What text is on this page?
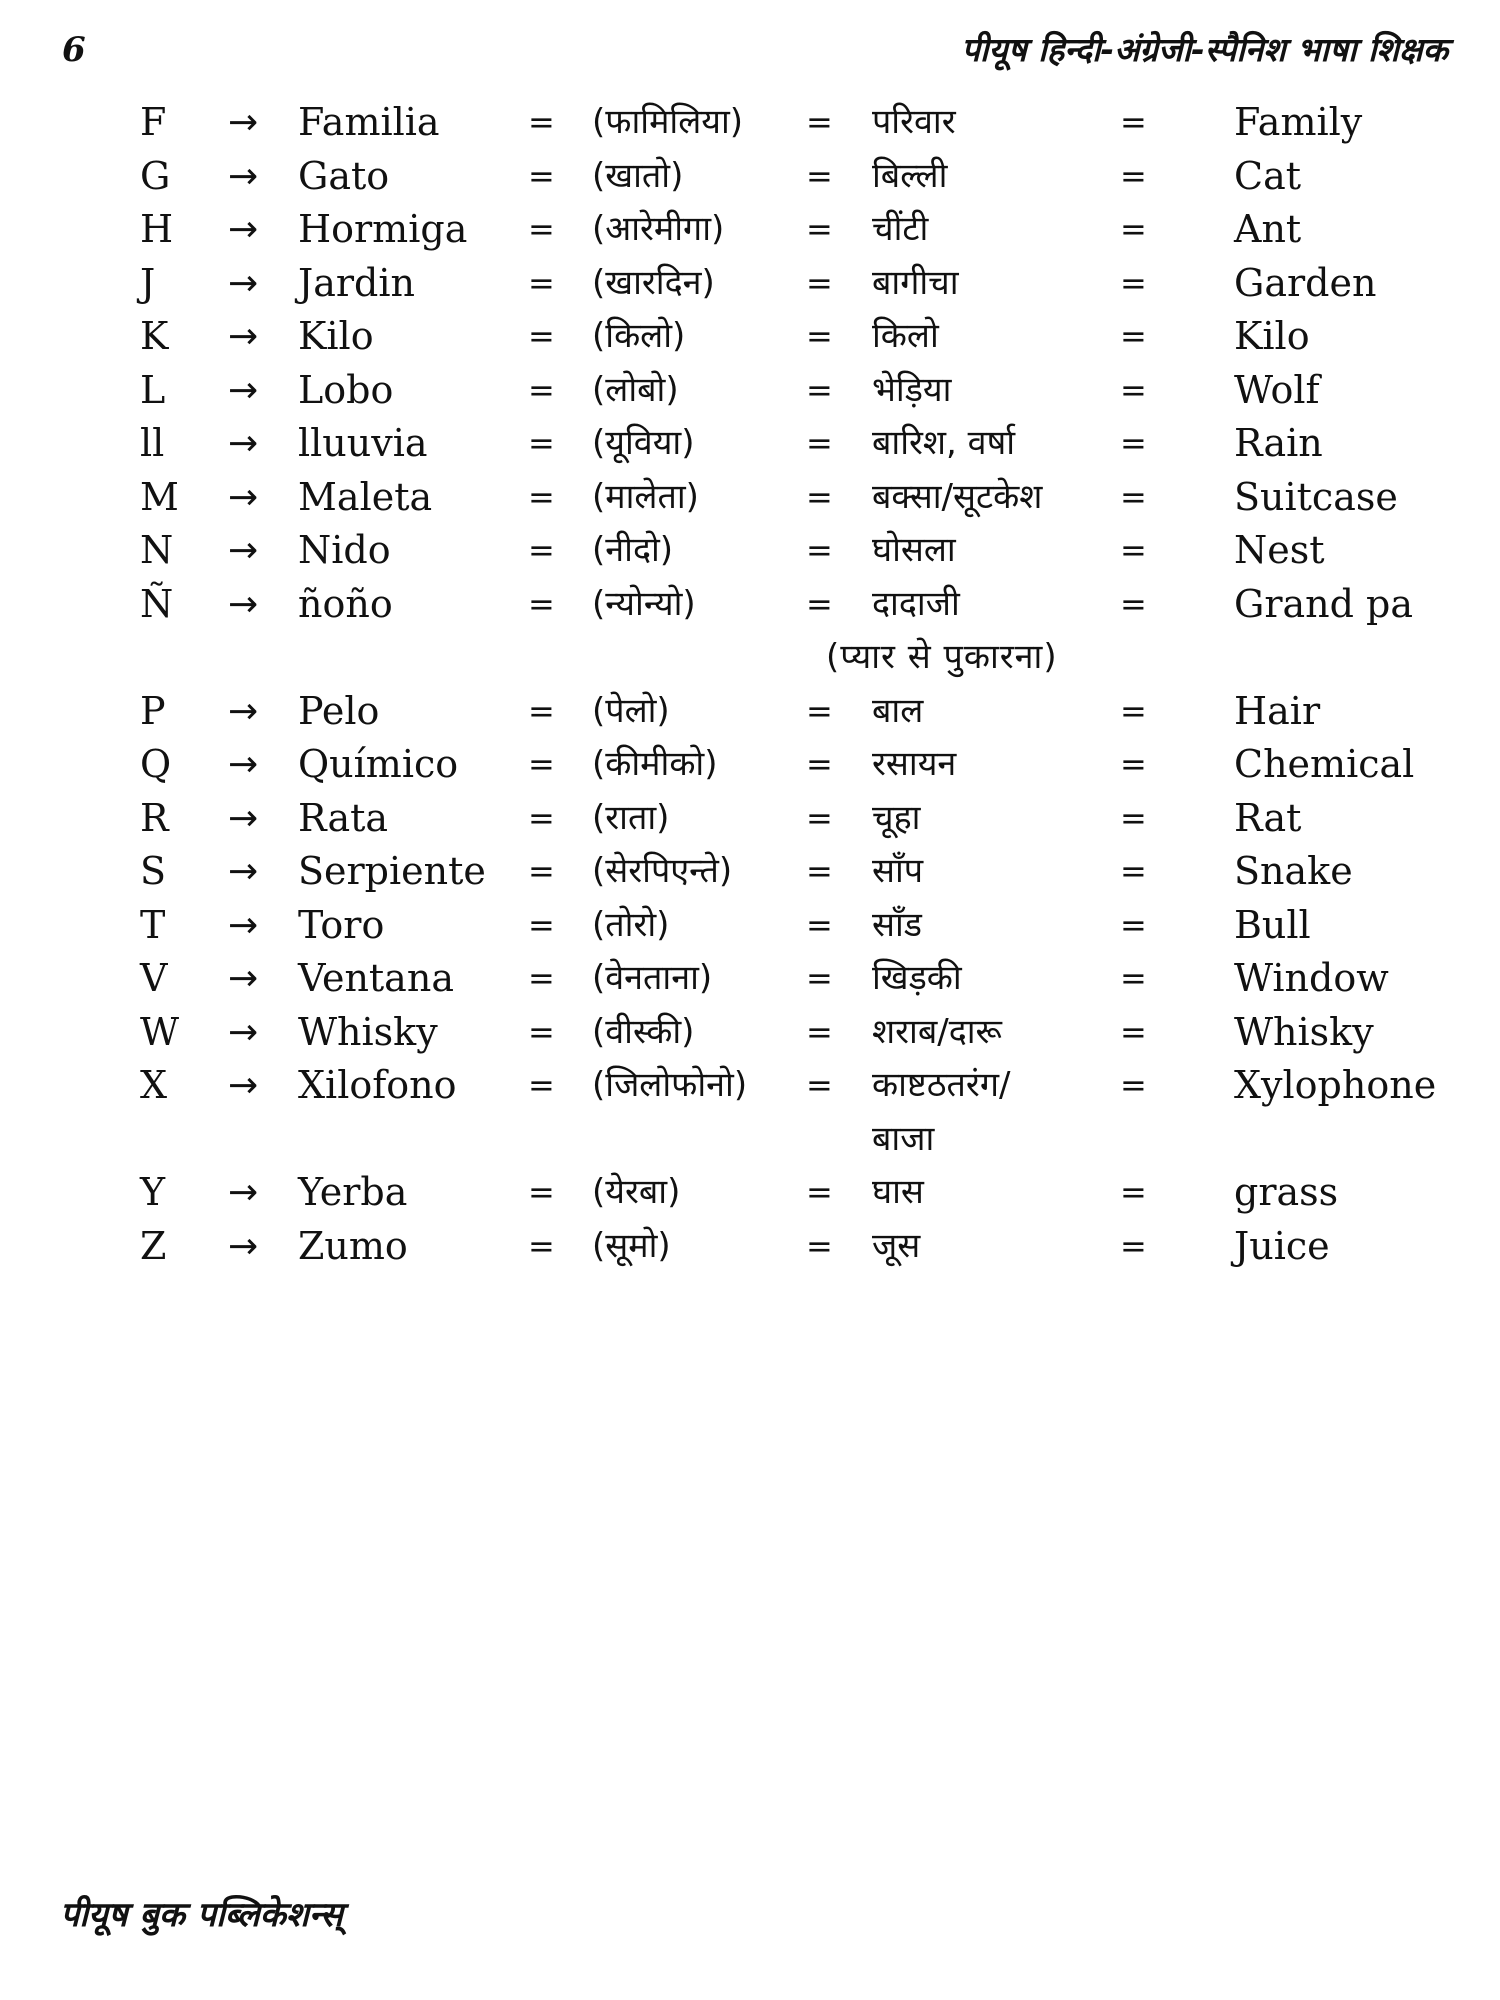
6	पीयूष हिन्दी-अंग्रेजी-स्पैनिश भाषा शिक्षक
F → Familia	= (फामिलिया) = परिवार	= Family
G → Gato	= (खातो)	= बिल्ली	= Cat
H → Hormiga = (आरेमीगा)	= चींटी	= Ant
J → Jardin	= (खारदिन)	= बागीचा	= Garden
K → Kilo	= (किलो)	= किलो	= Kilo
L → Lobo	= (लोबो)	= भेड़िया	= Wolf
ll → lluuvia	= (यूविया)	= बारिश, वर्षा	= Rain
M → Maleta	= (मालेता)	= बक्सा/सूटकेश = Suitcase
N → Nido	= (नीदो)	= घोसला	= Nest
Ñ → ñoño	= (न्योन्यो)	= दादाजी	= Grand pa
(प्यार से पुकारना)
P → Pelo	= (पेलो)	= बाल	= Hair
Q → Químico = (कीमीको)	= रसायन	= Chemical
R → Rata	= (राता)	= चूहा	= Rat
S → Serpiente = (सेरपिएन्ते) = साँप	= Snake
T → Toro	= (तोरो)	= साँड	= Bull
V → Ventana = (वेनताना)	= खिड़की	= Window
W → Whisky	= (वीस्की)	= शराब/दारू	= Whisky
X → Xilofono = (जिलोफोनो) = काष्टठतरंग/	= Xylophone
बाजा
Y → Yerba	= (येरबा)	= घास	= grass
Z → Zumo	= (सूमो)	= जूस	= Juice
पीयूष बुक पब्लिकेशन्स्
